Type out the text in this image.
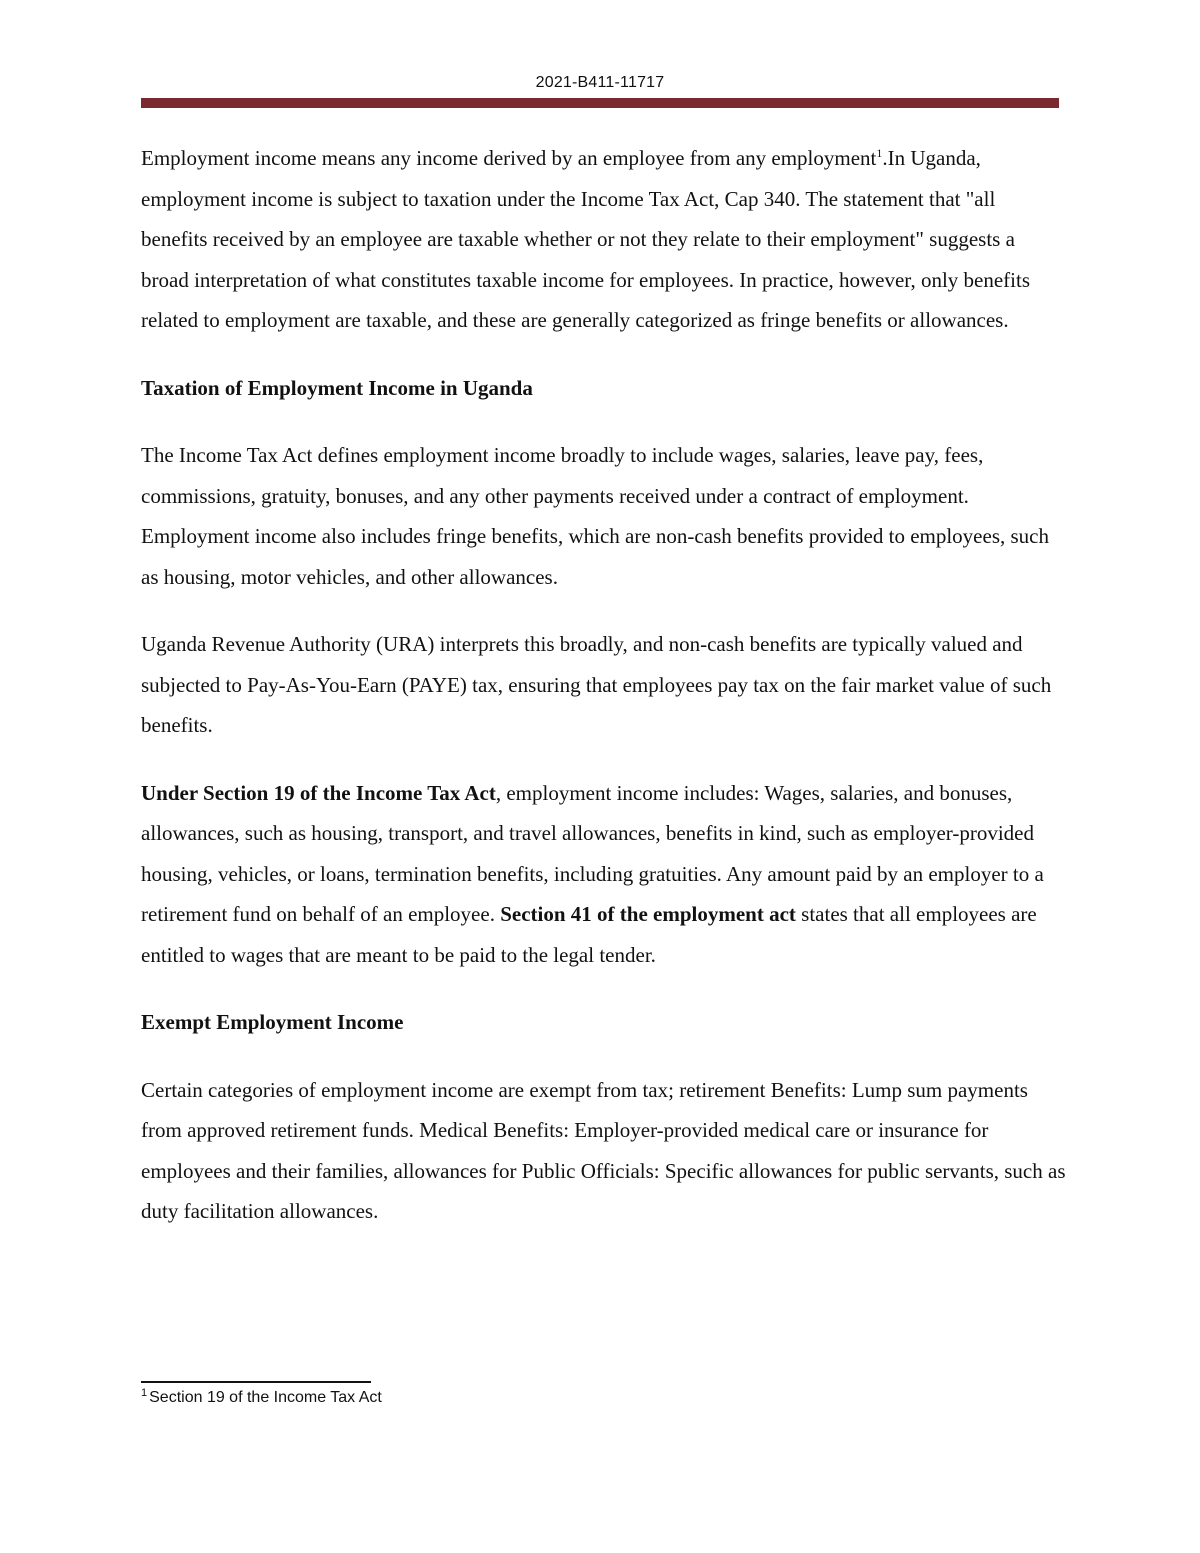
2021-B411-11717

Employment income means any income derived by an employee from any employment$^1$.In Uganda, employment income is subject to taxation under the Income Tax Act, Cap 340. The statement that "all benefits received by an employee are taxable whether or not they relate to their employment" suggests a broad interpretation of what constitutes taxable income for employees. In practice, however, only benefits related to employment are taxable, and these are generally categorized as fringe benefits or allowances.

Taxation of Employment Income in Uganda

The Income Tax Act defines employment income broadly to include wages, salaries, leave pay, fees, commissions, gratuity, bonuses, and any other payments received under a contract of employment. Employment income also includes fringe benefits, which are non-cash benefits provided to employees, such as housing, motor vehicles, and other allowances.

Uganda Revenue Authority (URA) interprets this broadly, and non-cash benefits are typically valued and subjected to Pay-As-You-Earn (PAYE) tax, ensuring that employees pay tax on the fair market value of such benefits.

Under Section 19 of the Income Tax Act, employment income includes: Wages, salaries, and bonuses, allowances, such as housing, transport, and travel allowances, benefits in kind, such as employer-provided housing, vehicles, or loans, termination benefits, including gratuities. Any amount paid by an employer to a retirement fund on behalf of an employee. Section 41 of the employment act states that all employees are entitled to wages that are meant to be paid to the legal tender.

Exempt Employment Income

Certain categories of employment income are exempt from tax; retirement Benefits: Lump sum payments from approved retirement funds. Medical Benefits: Employer-provided medical care or insurance for employees and their families, allowances for Public Officials: Specific allowances for public servants, such as duty facilitation allowances.

$^1$ Section 19 of the Income Tax Act
